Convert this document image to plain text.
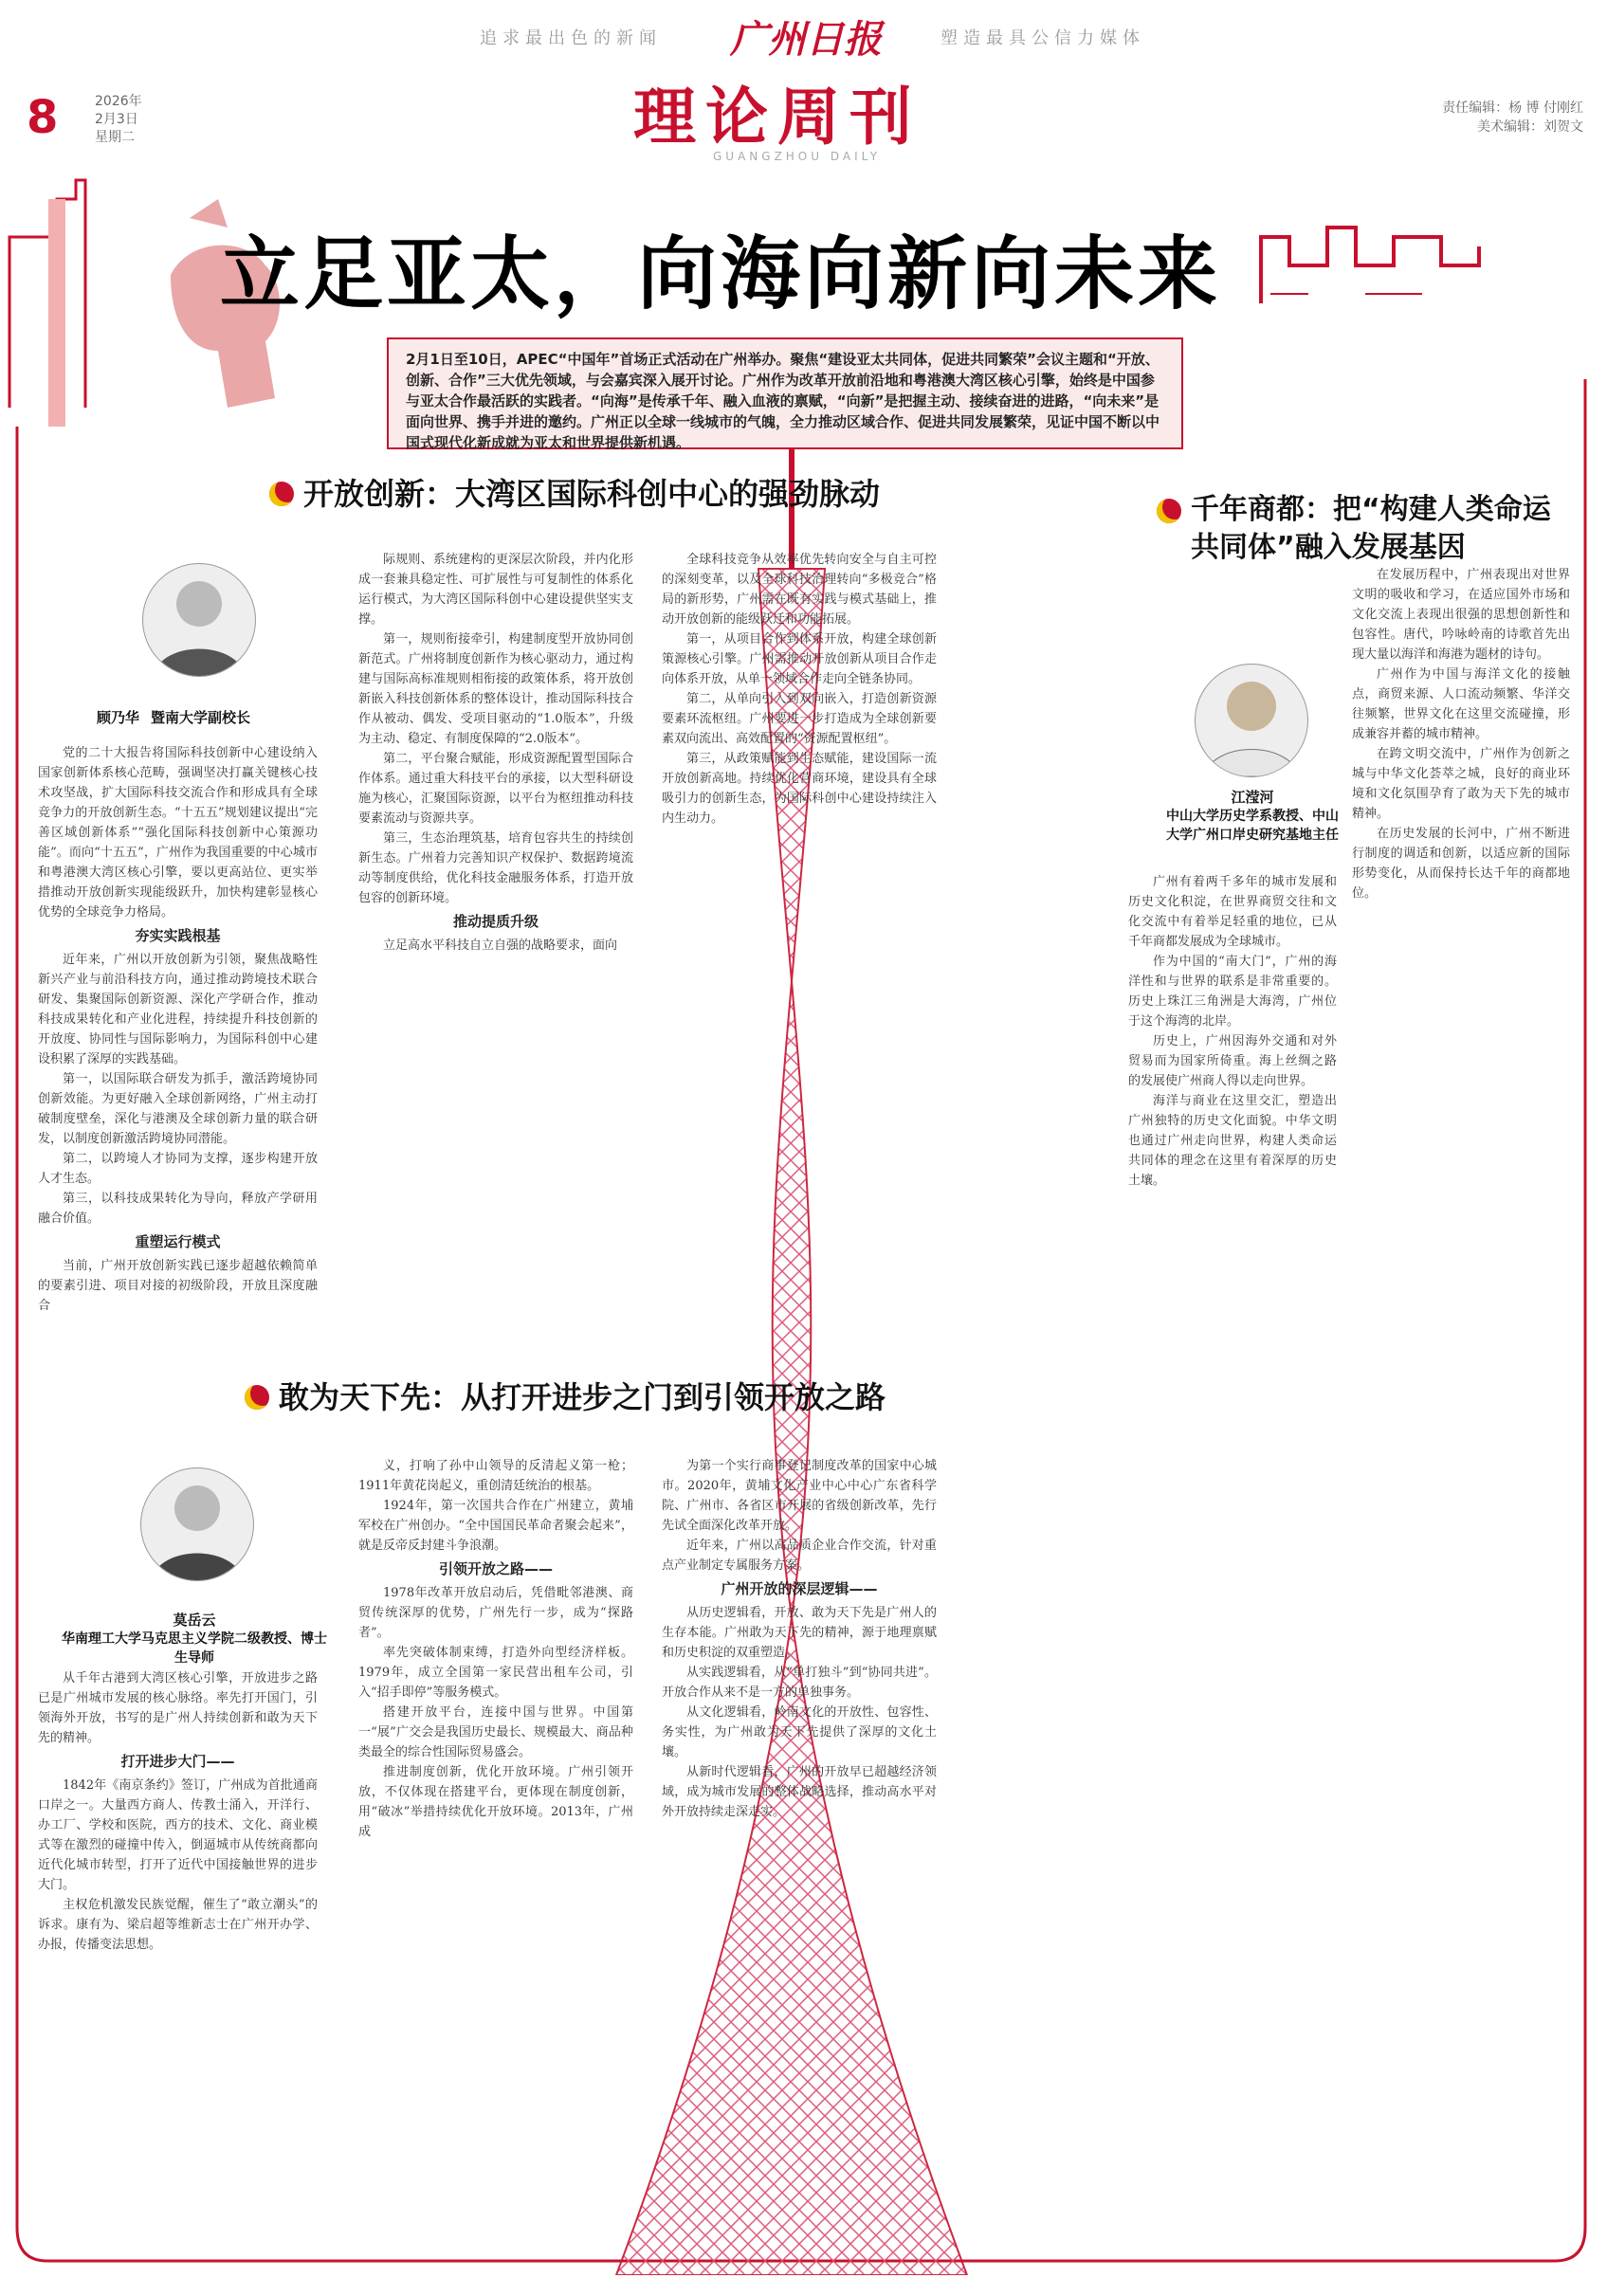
追求最出色的新闻 广州日报	塑造最具公信力媒体
8	2026年
2月3日
星期二	理论周刊
GUANGZHOU DAILY
责任编辑：杨 博 付刚红
美术编辑：刘贺文
立足亚太，向海向新向未来
2月1日至10日，APEC“中国年”首场正式活动在广州举办。聚焦“建设亚太共同体，促进共同繁荣”会议主题和“开放、创新、合作”三大优先领域，与会嘉宾深入展开讨论。广州作为改革开放前沿地和粤港澳大湾区核心引擎，始终是中国参与亚太合作最活跃的实践者。“向海”是传承千年、融入血液的禀赋，“向新”是把握主动、接续奋进的进路，“向未来”是面向世界、携手并进的邀约。广州正以全球一线城市的气魄，全力推动区域合作、促进共同发展繁荣，见证中国不断以中国式现代化新成就为亚太和世界提供新机遇。
开放创新：大湾区国际科创中心的强劲脉动
顾乃华 暨南大学副校长

党的二十大报告将国际科技创新中心建设纳入国家创新体系核心范畴，强调坚决打赢关键核心技术攻坚战，扩大国际科技交流合作和形成具有全球竞争力的开放创新生态。“十五五”规划建议提出“完善区域创新体系”“强化国际科技创新中心策源功能”。而向“十五五”，广州作为我国重要的中心城市和粤港澳大湾区核心引擎，要以更高站位、更实举措推动开放创新实现能级跃升，加快构建彰显核心优势的全球竞争力格局。

夯实实践根基

近年来，广州以开放创新为引领，聚焦战略性新兴产业与前沿科技方向，通过推动跨境技术联合研发、集聚国际创新资源、深化产学研合作，推动科技成果转化和产业化进程，持续提升科技创新的开放度、协同性与国际影响力，为国际科创中心建设积累了深厚的实践基础。

第一，以国际联合研发为抓手，激活跨境协同创新效能。为更好融入全球创新网络，广州主动打破制度壁垒，深化与港澳及全球创新力量的联合研发，以制度创新激活跨境协同潜能。

第二，以跨境人才协同为支撑，逐步构建开放人才生态。

第三，以科技成果转化为导向，释放产学研用融合价值。

重塑运行模式

当前，广州开放创新实践已逐步超越依赖简单的要素引进、项目对接的初级阶段，开放且深度融合

际规则、系统建构的更深层次阶段，并内化形成一套兼具稳定性、可扩展性与可复制性的体系化运行模式，为大湾区国际科创中心建设提供坚实支撑。

第一，规则衔接牵引，构建制度型开放协同创新范式。广州将制度创新作为核心驱动力，通过构建与国际高标准规则相衔接的政策体系，将开放创新嵌入科技创新体系的整体设计，推动国际科技合作从被动、偶发、受项目驱动的“1.0版本”，升级为主动、稳定、有制度保障的“2.0版本”。

第二，平台聚合赋能，形成资源配置型国际合作体系。通过重大科技平台的承接，以大型科研设施为核心，汇聚国际资源，以平台为枢纽推动科技要素流动与资源共享。

第三，生态治理筑基，培育包容共生的持续创新生态。广州着力完善知识产权保护、数据跨境流动等制度供给，优化科技金融服务体系，打造开放包容的创新环境。

推动提质升级

立足高水平科技自立自强的战略要求，面向

全球科技竞争从效率优先转向安全与自主可控的深刻变革，以及全球科技治理转向“多极竞合”格局的新形势，广州需在既有实践与模式基础上，推动开放创新的能级跃迁和功能拓展。

第一，从项目合作到体系开放，构建全球创新策源核心引擎。广州需推动开放创新从项目合作走向体系开放，从单一领域合作走向全链条协同。

第二，从单向引入到双向嵌入，打造创新资源要素环流枢纽。广州要进一步打造成为全球创新要素双向流出、高效配置的“资源配置枢纽”。

第三，从政策赋能到生态赋能，建设国际一流开放创新高地。持续优化营商环境，建设具有全球吸引力的创新生态，为国际科创中心建设持续注入内生动力。

千年商都：把“构建人类命运共同体”融入发展基因
江滢河
中山大学历史学系教授、中山大学广州口岸史研究基地主任

在发展历程中，广州表现出对世界文明的吸收和学习，在适应国外市场和文化交流上表现出很强的思想创新性和包容性。唐代，吟咏岭南的诗歌首先出现大量以海洋和海港为题材的诗句。

广州作为中国与海洋文化的接触点，商贸来源、人口流动频繁、华洋交往频繁，世界文化在这里交流碰撞，形成兼容并蓄的城市精神。

在跨文明交流中，广州作为创新之城与中华文化荟萃之城，良好的商业环境和文化氛围孕育了敢为天下先的城市精神。

在历史发展的长河中，广州不断进行制度的调适和创新，以适应新的国际形势变化，从而保持长达千年的商都地位。

广州有着两千多年的城市发展和历史文化积淀，在世界商贸交往和文化交流中有着举足轻重的地位，已从千年商都发展成为全球城市。

作为中国的“南大门”，广州的海洋性和与世界的联系是非常重要的。历史上珠江三角洲是大海湾，广州位于这个海湾的北岸。

历史上，广州因海外交通和对外贸易而为国家所倚重。海上丝绸之路的发展使广州商人得以走向世界。

海洋与商业在这里交汇，塑造出广州独特的历史文化面貌。中华文明也通过广州走向世界，构建人类命运共同体的理念在这里有着深厚的历史土壤。

敢为天下先：从打开进步之门到引领开放之路
莫岳云
华南理工大学马克思主义学院二级教授、博士生导师

从千年古港到大湾区核心引擎，开放进步之路已是广州城市发展的核心脉络。率先打开国门，引领海外开放，书写的是广州人持续创新和敢为天下先的精神。

打开进步大门——

1842年《南京条约》签订，广州成为首批通商口岸之一。大量西方商人、传教士涌入，开洋行、办工厂、学校和医院，西方的技术、文化、商业模式等在激烈的碰撞中传入，倒逼城市从传统商都向近代化城市转型，打开了近代中国接触世界的进步大门。

主权危机激发民族觉醒，催生了“敢立潮头”的诉求。康有为、梁启超等维新志士在广州开办学、办报，传播变法思想。

义，打响了孙中山领导的反清起义第一枪；1911年黄花岗起义，重创清廷统治的根基。

1924年，第一次国共合作在广州建立，黄埔军校在广州创办。“全中国国民革命者聚会起来”，就是反帝反封建斗争浪潮。

引领开放之路——

1978年改革开放启动后，凭借毗邻港澳、商贸传统深厚的优势，广州先行一步，成为“探路者”。

率先突破体制束缚，打造外向型经济样板。1979年，成立全国第一家民营出租车公司，引入“招手即停”等服务模式。

搭建开放平台，连接中国与世界。中国第一“展”广交会是我国历史最长、规模最大、商品种类最全的综合性国际贸易盛会。

推进制度创新，优化开放环境。广州引领开放，不仅体现在搭建平台，更体现在制度创新，用“破冰”举措持续优化开放环境。2013年，广州成

为第一个实行商事登记制度改革的国家中心城市。2020年，黄埔文化产业中心中心广东省科学院、广州市、各省区市开展的省级创新改革，先行先试全面深化改革开放。

近年来，广州以高品质企业合作交流，针对重点产业制定专属服务方案。

广州开放的深层逻辑——

从历史逻辑看，开放、敢为天下先是广州人的生存本能。广州敢为天下先的精神，源于地理禀赋和历史积淀的双重塑造。

从实践逻辑看，从“单打独斗”到“协同共进”。开放合作从来不是一方的单独事务。

从文化逻辑看，岭南文化的开放性、包容性、务实性，为广州敢为天下先提供了深厚的文化土壤。

从新时代逻辑看，广州的开放早已超越经济领域，成为城市发展的整体战略选择，推动高水平对外开放持续走深走实。
